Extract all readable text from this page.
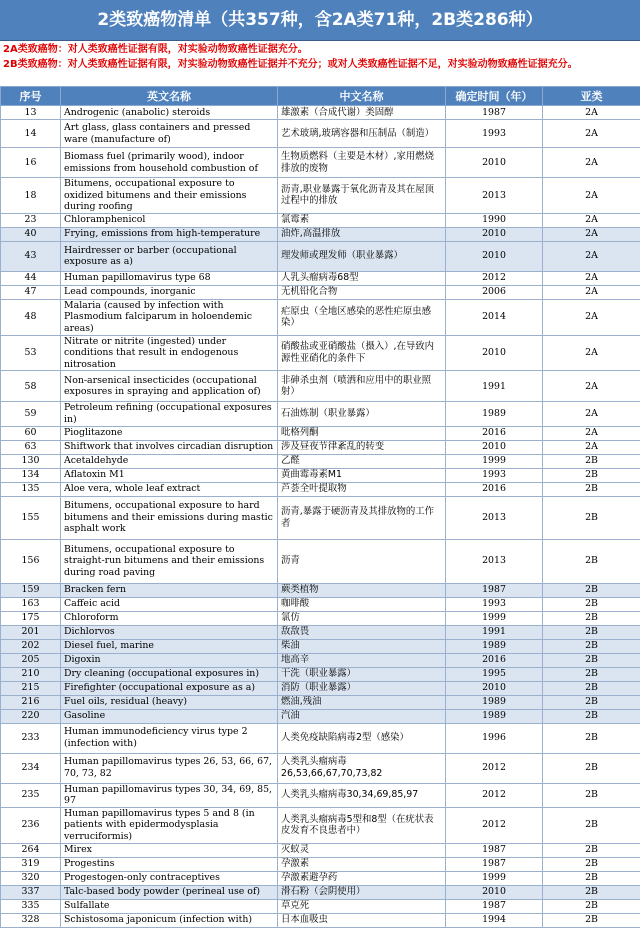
2类致癌物清单（共357种，含2A类71种，2B类286种）
2A类致癌物：对人类致癌性证据有限，对实验动物致癌性证据充分。
2B类致癌物：对人类致癌性证据有限，对实验动物致癌性证据并不充分；或对人类致癌性证据不足，对实验动物致癌性证据充分。
序号	英文名称	中文名称	确定时间（年）	亚类
13	Androgenic (anabolic) steroids	雄激素（合成代谢）类固醇	1987	2A
14	Art glass, glass containers and pressed ware (manufacture of)	艺术玻璃,玻璃容器和压制品（制造）	1993	2A
16	Biomass fuel (primarily wood), indoor emissions from household combustion of	生物质燃料（主要是木材）,家用燃烧排放的废物	2010	2A
18	Bitumens, occupational exposure to oxidized bitumens and their emissions during roofing	沥青,职业暴露于氧化沥青及其在屋顶过程中的排放	2013	2A
23	Chloramphenicol	氯霉素	1990	2A
40	Frying, emissions from high-temperature	油炸,高温排放	2010	2A
43	Hairdresser or barber (occupational exposure as a)	理发师或理发师（职业暴露）	2010	2A
44	Human papillomavirus type 68	人乳头瘤病毒68型	2012	2A
47	Lead compounds, inorganic	无机铅化合物	2006	2A
48	Malaria (caused by infection with Plasmodium falciparum in holoendemic areas)	疟原虫（全地区感染的恶性疟原虫感染）	2014	2A
53	Nitrate or nitrite (ingested) under conditions that result in endogenous nitrosation	硝酸盐或亚硝酸盐（摄入）,在导致内源性亚硝化的条件下	2010	2A
58	Non-arsenical insecticides (occupational exposures in spraying and application of)	非砷杀虫剂（喷洒和应用中的职业照射）	1991	2A
59	Petroleum refining (occupational exposures in)	石油炼制（职业暴露）	1989	2A
60	Pioglitazone	吡格列酮	2016	2A
63	Shiftwork that involves circadian disruption	涉及昼夜节律紊乱的转变	2010	2A
130	Acetaldehyde	乙醛	1999	2B
134	Aflatoxin M1	黄曲霉毒素M1	1993	2B
135	Aloe vera, whole leaf extract	芦荟全叶提取物	2016	2B
155	Bitumens, occupational exposure to hard bitumens and their emissions during mastic asphalt work	沥青,暴露于硬沥青及其排放物的工作者	2013	2B
156	Bitumens, occupational exposure to straight-run bitumens and their emissions during road paving	沥青	2013	2B
159	Bracken fern	蕨类植物	1987	2B
163	Caffeic acid	咖啡酸	1993	2B
175	Chloroform	氯仿	1999	2B
201	Dichlorvos	敌敌畏	1991	2B
202	Diesel fuel, marine	柴油	1989	2B
205	Digoxin	地高辛	2016	2B
210	Dry cleaning (occupational exposures in)	干洗（职业暴露）	1995	2B
215	Firefighter (occupational exposure as a)	消防（职业暴露）	2010	2B
216	Fuel oils, residual (heavy)	燃油,残油	1989	2B
220	Gasoline	汽油	1989	2B
233	Human immunodeficiency virus type 2 (infection with)	人类免疫缺陷病毒2型（感染）	1996	2B
234	Human papillomavirus types 26, 53, 66, 67, 70, 73, 82	人类乳头瘤病毒26,53,66,67,70,73,82	2012	2B
235	Human papillomavirus types 30, 34, 69, 85, 97	人类乳头瘤病毒30,34,69,85,97	2012	2B
236	Human papillomavirus types 5 and 8 (in patients with epidermodysplasia verruciformis)	人类乳头瘤病毒5型和8型（在疣状表皮发育不良患者中）	2012	2B
264	Mirex	灭蚁灵	1987	2B
319	Progestins	孕激素	1987	2B
320	Progestogen-only contraceptives	孕激素避孕药	1999	2B
337	Talc-based body powder (perineal use of)	滑石粉（会阴使用）	2010	2B
335	Sulfallate	草克死	1987	2B
328	Schistosoma japonicum (infection with)	日本血吸虫	1994	2B
